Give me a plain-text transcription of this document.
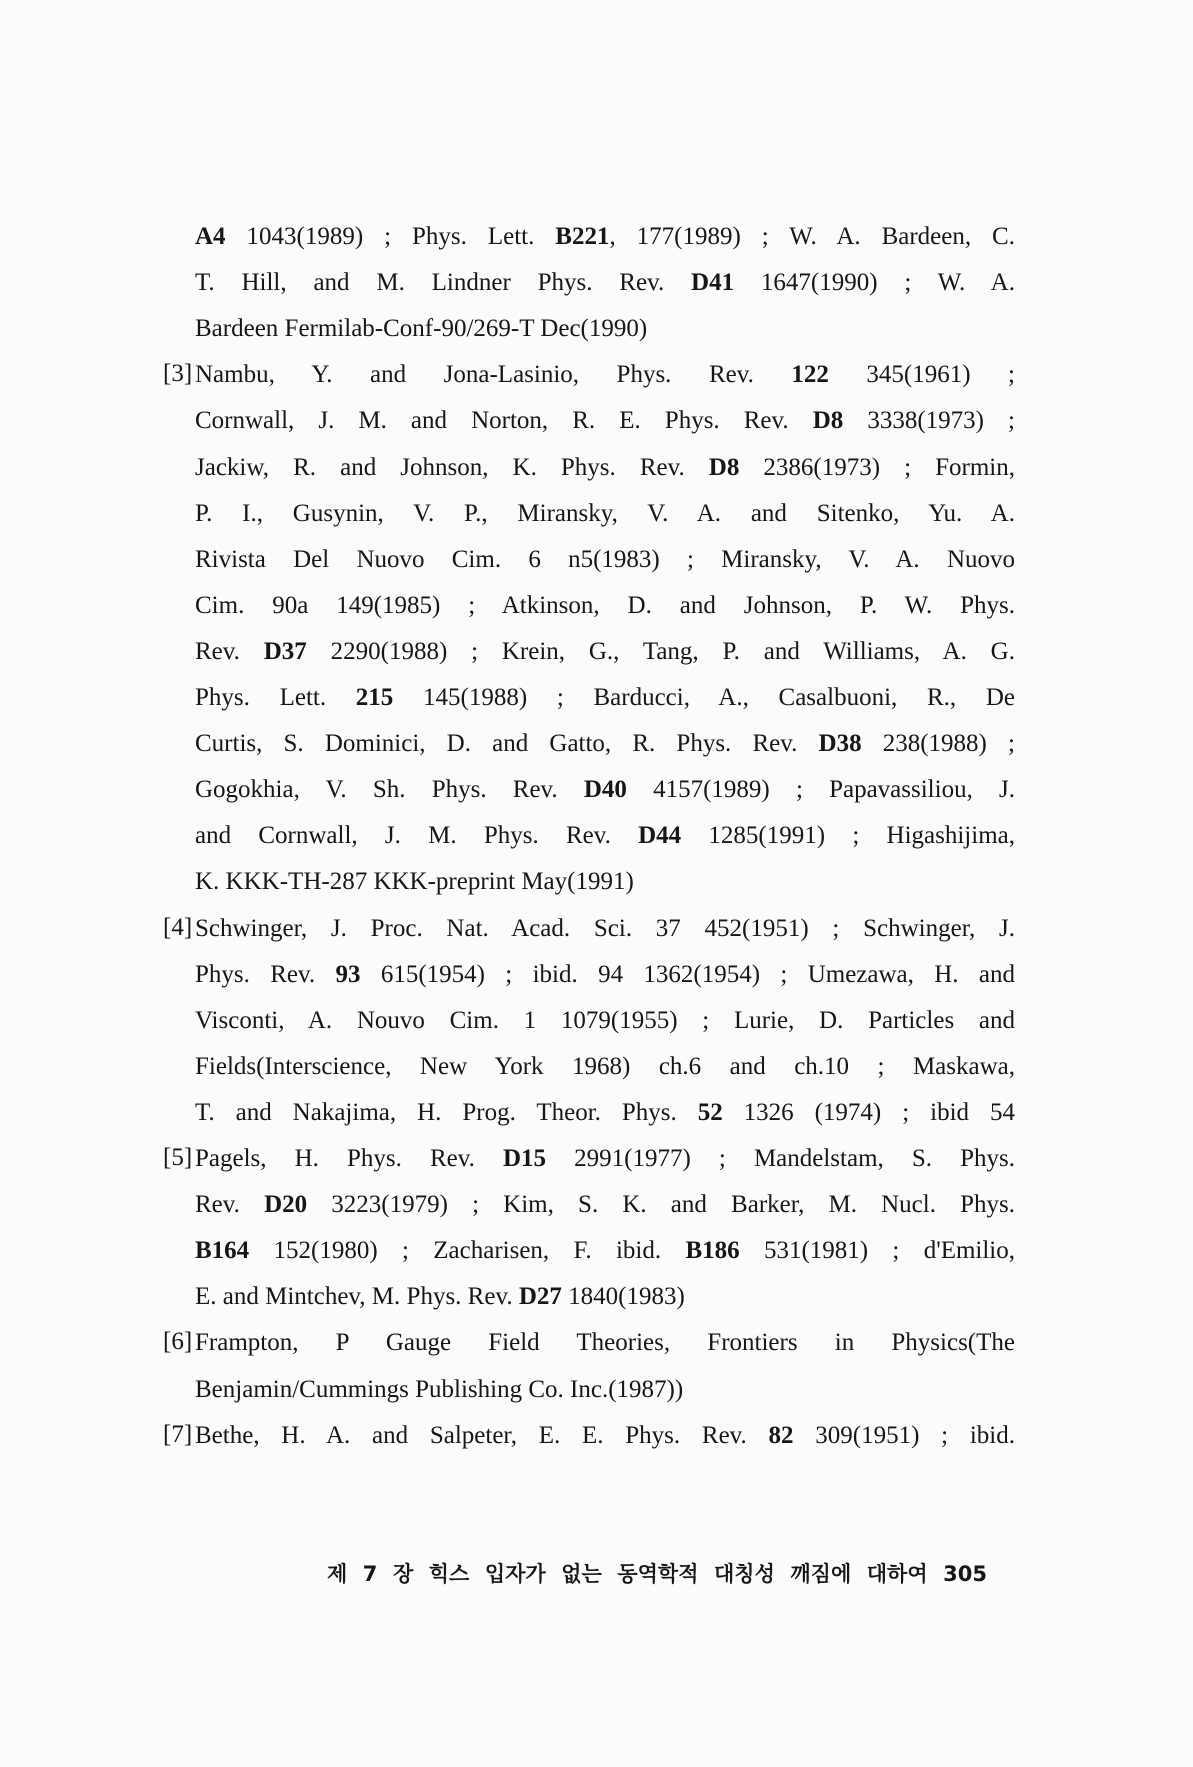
A4 1043(1989) ; Phys. Lett. B221, 177(1989) ; W. A. Bardeen, C.
T. Hill, and M. Lindner Phys. Rev. D41 1647(1990) ; W. A.
Bardeen Fermilab-Conf-90/269-T Dec(1990)
[3] Nambu, Y. and Jona-Lasinio, Phys. Rev. 122 345(1961) ;
Cornwall, J. M. and Norton, R. E. Phys. Rev. D8 3338(1973) ;
Jackiw, R. and Johnson, K. Phys. Rev. D8 2386(1973) ; Formin,
P. I., Gusynin, V. P., Miransky, V. A. and Sitenko, Yu. A.
Rivista Del Nuovo Cim. 6 n5(1983) ; Miransky, V. A. Nuovo
Cim. 90a 149(1985) ; Atkinson, D. and Johnson, P. W. Phys.
Rev. D37 2290(1988) ; Krein, G., Tang, P. and Williams, A. G.
Phys. Lett. 215 145(1988) ; Barducci, A., Casalbuoni, R., De
Curtis, S. Dominici, D. and Gatto, R. Phys. Rev. D38 238(1988) ;
Gogokhia, V. Sh. Phys. Rev. D40 4157(1989) ; Papavassiliou, J.
and Cornwall, J. M. Phys. Rev. D44 1285(1991) ; Higashijima,
K. KKK-TH-287 KKK-preprint May(1991)
[4] Schwinger, J. Proc. Nat. Acad. Sci. 37 452(1951) ; Schwinger, J.
Phys. Rev. 93 615(1954) ; ibid. 94 1362(1954) ; Umezawa, H. and
Visconti, A. Nouvo Cim. 1 1079(1955) ; Lurie, D. Particles and
Fields(Interscience, New York 1968) ch.6 and ch.10 ; Maskawa,
T. and Nakajima, H. Prog. Theor. Phys. 52 1326 (1974) ; ibid 54
[5] Pagels, H. Phys. Rev. D15 2991(1977) ; Mandelstam, S. Phys.
Rev. D20 3223(1979) ; Kim, S. K. and Barker, M. Nucl. Phys.
B164 152(1980) ; Zacharisen, F. ibid. B186 531(1981) ; d'Emilio,
E. and Mintchev, M. Phys. Rev. D27 1840(1983)
[6] Frampton, P Gauge Field Theories, Frontiers in Physics(The
Benjamin/Cummings Publishing Co. Inc.(1987))
[7] Bethe, H. A. and Salpeter, E. E. Phys. Rev. 82 309(1951) ; ibid.
제 7 장 힉스 입자가 없는 동역학적 대칭성 깨짐에 대하여 305
